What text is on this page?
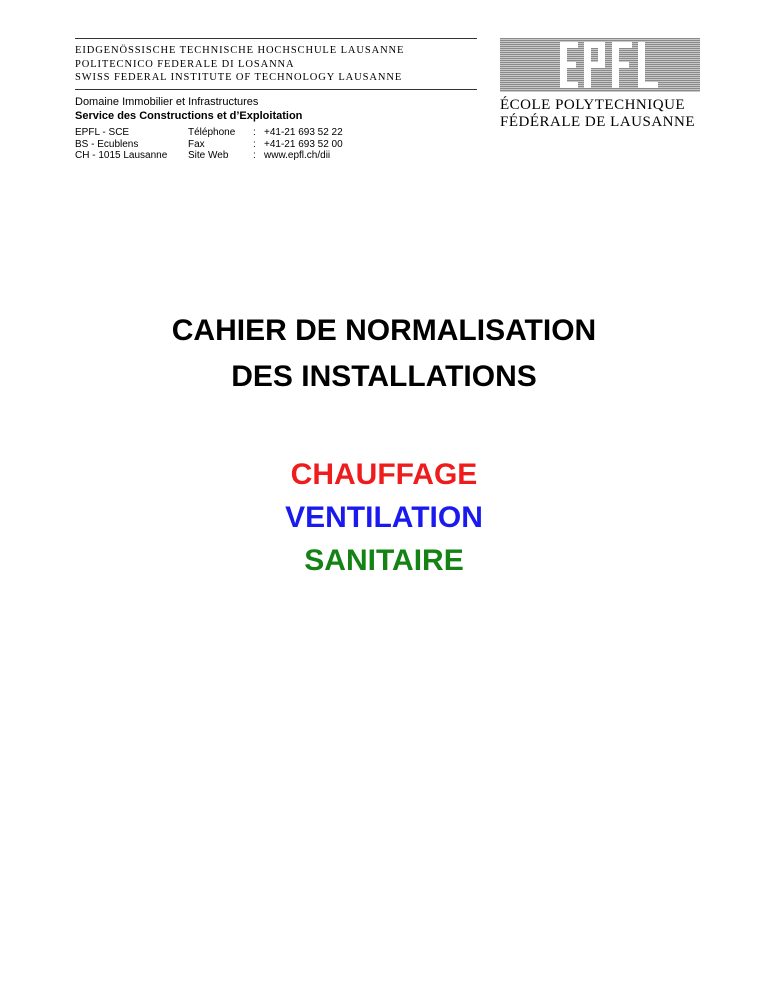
EIDGENÖSSISCHE TECHNISCHE HOCHSCHULE LAUSANNE
POLITECNICO FEDERALE DI LOSANNA
SWISS FEDERAL INSTITUTE OF TECHNOLOGY LAUSANNE
Domaine Immobilier et Infrastructures
Service des Constructions et d’Exploitation
EPFL - SCE
BS - Ecublens
CH - 1015 Lausanne
Téléphone
Fax
Site Web
:
:
:
+41-21 693 52 22
+41-21 693 52 00
www.epfl.ch/dii
ÉCOLE POLYTECHNIQUE
FÉDÉRALE DE LAUSANNE
CAHIER DE NORMALISATION
DES INSTALLATIONS
CHAUFFAGE
VENTILATION
SANITAIRE
